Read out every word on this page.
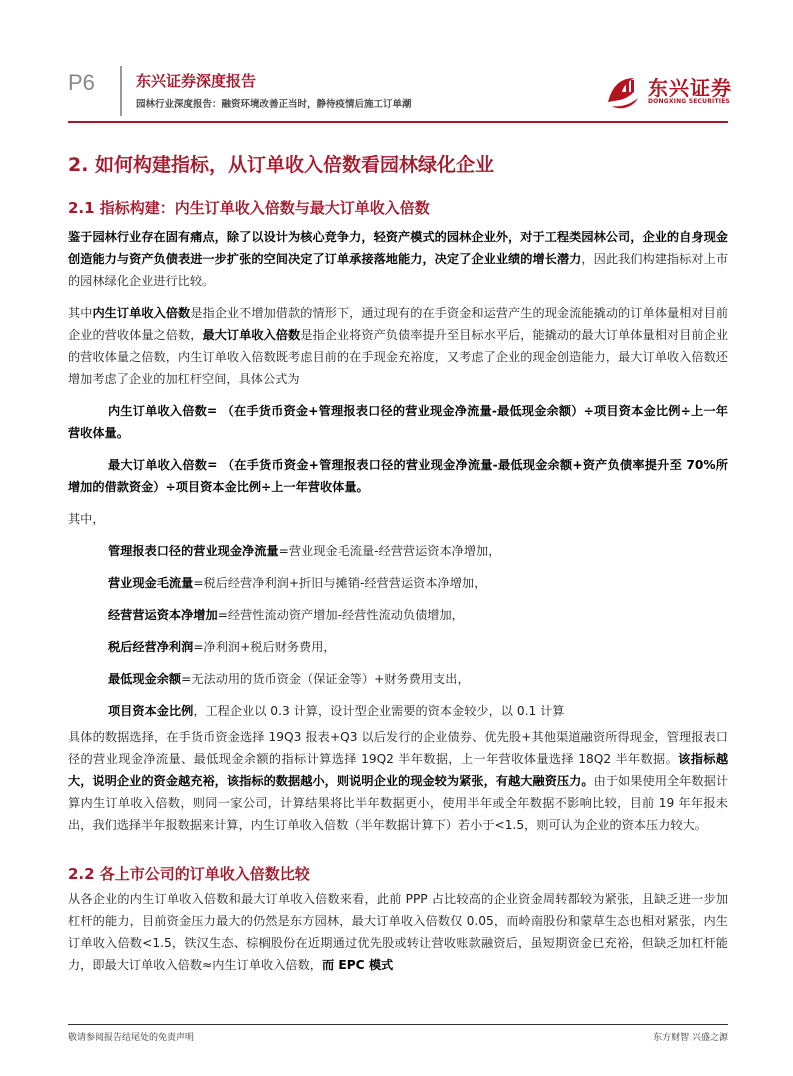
P6	东兴证券深度报告
园林行业深度报告：融资环境改善正当时，静待疫情后施工订单潮
东兴证券
DONGXING SECURITIES
2. 如何构建指标，从订单收入倍数看园林绿化企业
2.1 指标构建：内生订单收入倍数与最大订单收入倍数

鉴于园林行业存在固有痛点，除了以设计为核心竞争力，轻资产模式的园林企业外，对于工程类园林公司，企业的自身现金创造能力与资产负债表进一步扩张的空间决定了订单承接落地能力，决定了企业业绩的增长潜力，因此我们构建指标对上市的园林绿化企业进行比较。

其中内生订单收入倍数是指企业不增加借款的情形下，通过现有的在手资金和运营产生的现金流能撬动的订单体量相对目前企业的营收体量之倍数，最大订单收入倍数是指企业将资产负债率提升至目标水平后，能撬动的最大订单体量相对目前企业的营收体量之倍数，内生订单收入倍数既考虑目前的在手现金充裕度，又考虑了企业的现金创造能力，最大订单收入倍数还增加考虑了企业的加杠杆空间，具体公式为

内生订单收入倍数= （在手货币资金+管理报表口径的营业现金净流量-最低现金余额）÷项目资本金比例÷上一年营收体量。

最大订单收入倍数= （在手货币资金+管理报表口径的营业现金净流量-最低现金余额+资产负债率提升至 70%所增加的借款资金）÷项目资本金比例÷上一年营收体量。

其中，

管理报表口径的营业现金净流量=营业现金毛流量-经营营运资本净增加，

营业现金毛流量=税后经营净利润+折旧与摊销-经营营运资本净增加，

经营营运资本净增加=经营性流动资产增加-经营性流动负债增加，

税后经营净利润=净利润+税后财务费用，

最低现金余额=无法动用的货币资金（保证金等）+财务费用支出，

项目资本金比例，工程企业以 0.3 计算，设计型企业需要的资本金较少，以 0.1 计算

具体的数据选择，在手货币资金选择 19Q3 报表+Q3 以后发行的企业债券、优先股+其他渠道融资所得现金，管理报表口径的营业现金净流量、最低现金余额的指标计算选择 19Q2 半年数据，上一年营收体量选择 18Q2 半年数据。该指标越大，说明企业的资金越充裕，该指标的数据越小，则说明企业的现金较为紧张，有越大融资压力。由于如果使用全年数据计算内生订单收入倍数，则同一家公司，计算结果将比半年数据更小，使用半年或全年数据不影响比较，目前 19 年年报未出，我们选择半年报数据来计算，内生订单收入倍数（半年数据计算下）若小于<1.5，则可认为企业的资本压力较大。

2.2 各上市公司的订单收入倍数比较

从各企业的内生订单收入倍数和最大订单收入倍数来看，此前 PPP 占比较高的企业资金周转都较为紧张，且缺乏进一步加杠杆的能力，目前资金压力最大的仍然是东方园林，最大订单收入倍数仅 0.05，而岭南股份和蒙草生态也相对紧张，内生订单收入倍数<1.5，铁汉生态、棕榈股份在近期通过优先股或转让营收账款融资后，虽短期资金已充裕，但缺乏加杠杆能力，即最大订单收入倍数≈内生订单收入倍数，而 EPC 模式

敬请参阅报告结尾处的免责声明	东方财智 兴盛之源
